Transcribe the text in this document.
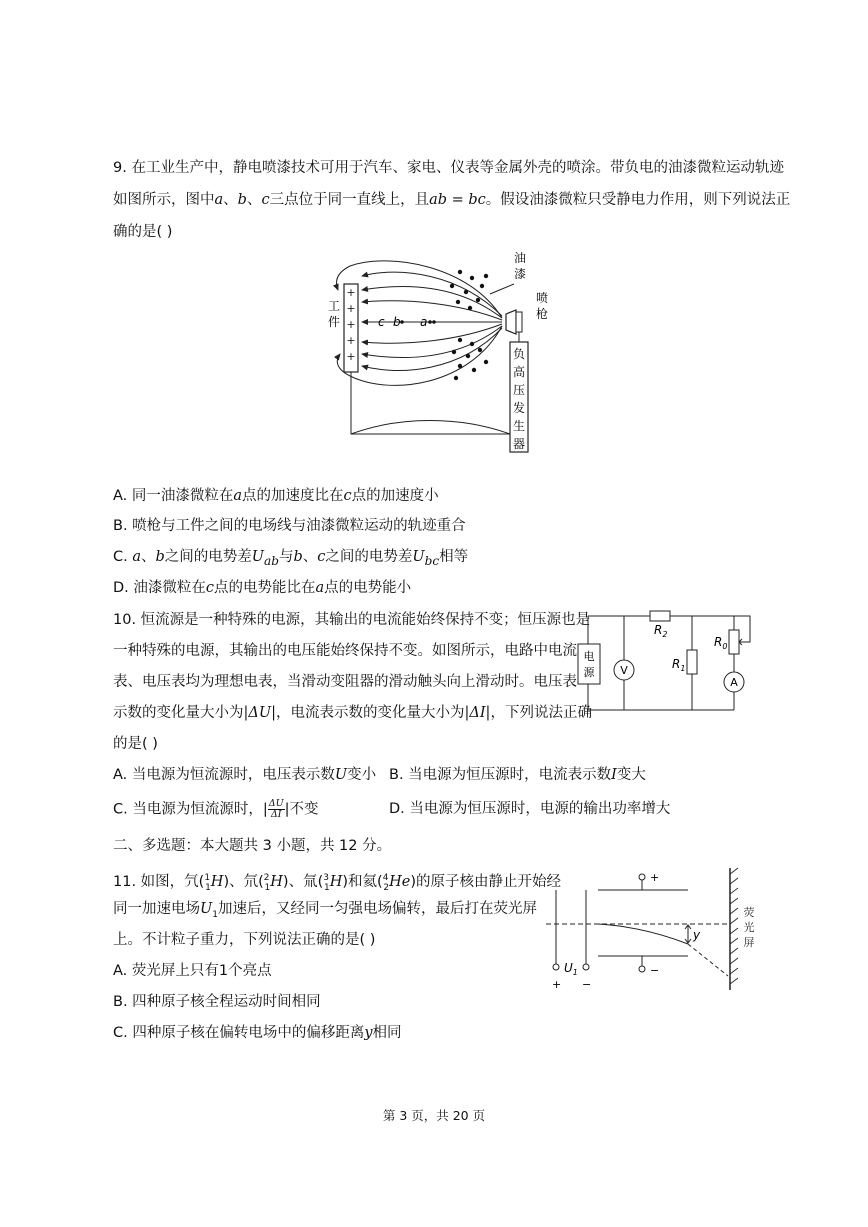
9. 在工业生产中，静电喷漆技术可用于汽车、家电、仪表等金属外壳的喷涂。带负电的油漆微粒运动轨迹
如图所示，图中a、b、c三点位于同一直线上，且ab = bc。假设油漆微粒只受静电力作用，则下列说法正
确的是( )
+
+
+
+
+
工
件	c b a
油
漆
喷
枪
负
高
压
发
生
器
A. 同一油漆微粒在a点的加速度比在c点的加速度小
B. 喷枪与工件之间的电场线与油漆微粒运动的轨迹重合
C. a、b之间的电势差$U_{ab}$与b、c之间的电势差$U_{bc}$相等
D. 油漆微粒在c点的电势能比在a点的电势能小
10. 恒流源是一种特殊的电源，其输出的电流能始终保持不变；恒压源也是
一种特殊的电源，其输出的电压能始终保持不变。如图所示，电路中电流
表、电压表均为理想电表，当滑动变阻器的滑动触头向上滑动时。电压表
示数的变化量大小为|ΔU|，电流表示数的变化量大小为|ΔI|，下列说法正确
的是( )
电
源
$R_2$
V	$R_1$
$R_0$
A
A. 当电源为恒流源时，电压表示数U变小 B. 当电源为恒压源时，电流表示数I变大
C. 当电源为恒流源时，| $\frac{\Delta U}{\Delta I}$ |不变	D. 当电源为恒压源时，电源的输出功率增大
二、多选题：本大题共 3 小题，共 12 分。
11. 如图，氕($^1_1$H)、氘($^2_1$H)、氚($^3_1$H)和氦($^4_2$He)的原子核由静止开始经
同一加速电场$U_1$加速后，又经同一匀强电场偏转，最后打在荧光屏
上。不计粒子重力，下列说法正确的是( )
A. 荧光屏上只有1个亮点
B. 四种原子核全程运动时间相同
C. 四种原子核在偏转电场中的偏移距离y相同
+
−
+ −
$U_1$
y
荧
光
屏
第 3 页，共 20 页
